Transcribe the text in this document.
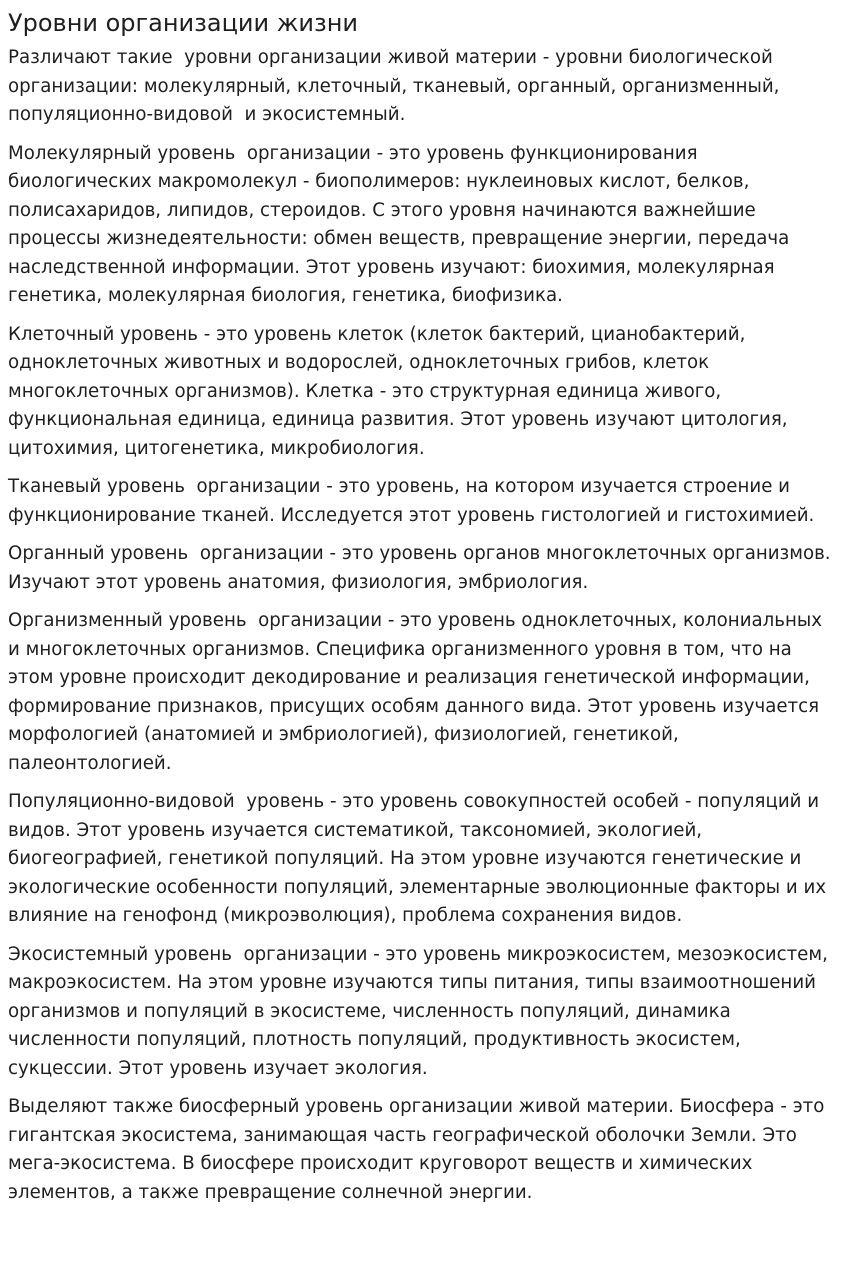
Уровни организации жизни

Различают такие  уровни организации живой материи - уровни биологической организации: молекулярный, клеточный, тканевый, органный, организменный, популяционно-видовой  и экосистемный.

Молекулярный уровень  организации - это уровень функционирования биологических макромолекул - биополимеров: нуклеиновых кислот, белков, полисахаридов, липидов, стероидов. С этого уровня начинаются важнейшие процессы жизнедеятельности: обмен веществ, превращение энергии, передача наследственной информации. Этот уровень изучают: биохимия, молекулярная генетика, молекулярная биология, генетика, биофизика.

Клеточный уровень - это уровень клеток (клеток бактерий, цианобактерий, одноклеточных животных и водорослей, одноклеточных грибов, клеток многоклеточных организмов). Клетка - это структурная единица живого, функциональная единица, единица развития. Этот уровень изучают цитология, цитохимия, цитогенетика, микробиология.

Тканевый уровень  организации - это уровень, на котором изучается строение и функционирование тканей. Исследуется этот уровень гистологией и гистохимией.

Органный уровень  организации - это уровень органов многоклеточных организмов. Изучают этот уровень анатомия, физиология, эмбриология.

Организменный уровень  организации - это уровень одноклеточных, колониальных и многоклеточных организмов. Специфика организменного уровня в том, что на этом уровне происходит декодирование и реализация генетической информации, формирование признаков, присущих особям данного вида. Этот уровень изучается морфологией (анатомией и эмбриологией), физиологией, генетикой, палеонтологией.

Популяционно-видовой  уровень - это уровень совокупностей особей - популяций и видов. Этот уровень изучается систематикой, таксономией, экологией, биогеографией, генетикой популяций. На этом уровне изучаются генетические и экологические особенности популяций, элементарные эволюционные факторы и их влияние на генофонд (микроэволюция), проблема сохранения видов.

Экосистемный уровень  организации - это уровень микроэкосистем, мезоэкосистем, макроэкосистем. На этом уровне изучаются типы питания, типы взаимоотношений организмов и популяций в экосистеме, численность популяций, динамика численности популяций, плотность популяций, продуктивность экосистем, сукцессии. Этот уровень изучает экология.

Выделяют также биосферный уровень организации живой материи. Биосфера - это гигантская экосистема, занимающая часть географической оболочки Земли. Это мега-экосистема. В биосфере происходит круговорот веществ и химических элементов, а также превращение солнечной энергии.
